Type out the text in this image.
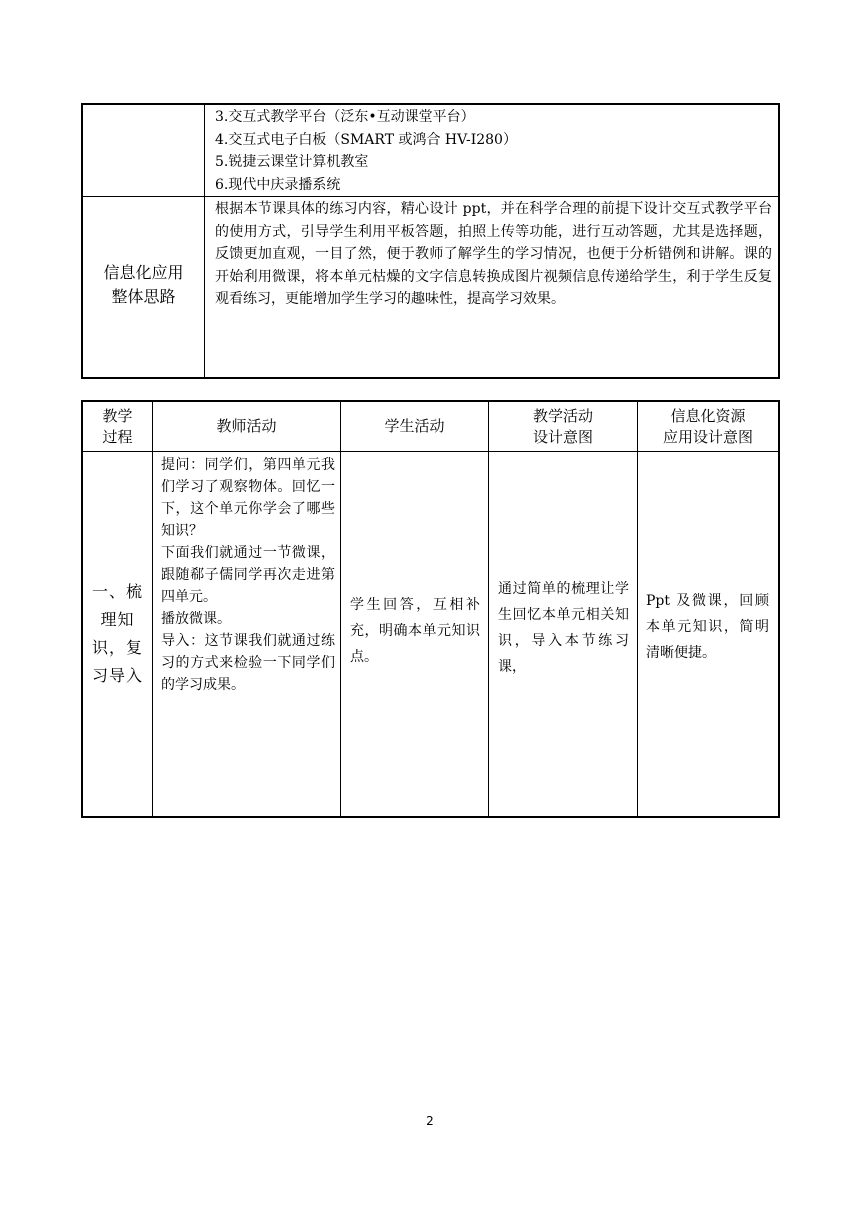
	3.交互式教学平台（泛东•互动课堂平台）
4.交互式电子白板（SMART 或鸿合 HV-I280）
5.锐捷云课堂计算机教室
6.现代中庆录播系统

信息化应用
整体思路	根据本节课具体的练习内容，精心设计 ppt，并在科学合理的前提下设计交互式教学平台的使用方式，引导学生利用平板答题，拍照上传等功能，进行互动答题，尤其是选择题，反馈更加直观，一目了然，便于教师了解学生的学习情况，也便于分析错例和讲解。课的开始利用微课，将本单元枯燥的文字信息转换成图片视频信息传递给学生，利于学生反复观看练习，更能增加学生学习的趣味性，提高学习效果。
教学
过程	教师活动	学生活动	教学活动
设计意图	信息化资源
应用设计意图
一、梳理知识，复习导入	提问：同学们，第四单元我们学习了观察物体。回忆一下，这个单元你学会了哪些知识？
下面我们就通过一节微课，跟随郗子儒同学再次走进第四单元。
播放微课。
导入：这节课我们就通过练习的方式来检验一下同学们的学习成果。	学生回答，互相补充，明确本单元知识点。	通过简单的梳理让学生回忆本单元相关知识，导入本节练习课，	Ppt 及微课，回顾本单元知识，简明清晰便捷。
2
